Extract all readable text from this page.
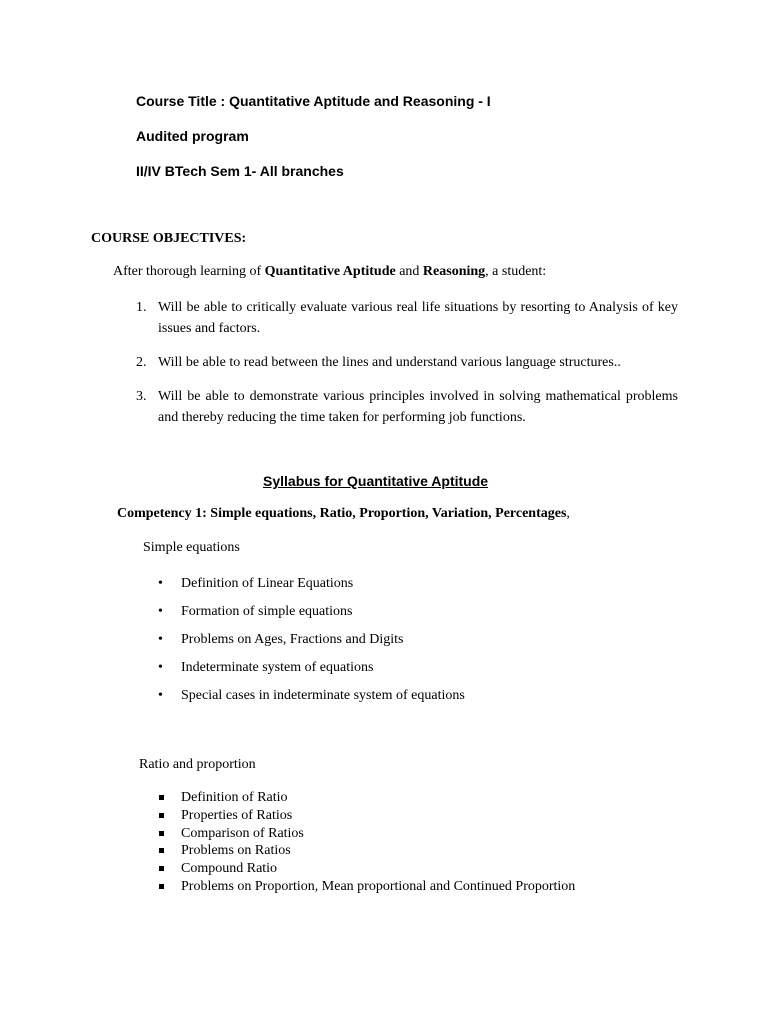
Course Title : Quantitative Aptitude and Reasoning - I

Audited program

II/IV BTech Sem 1- All branches

COURSE OBJECTIVES:

After thorough learning of Quantitative Aptitude and Reasoning, a student:

1. Will be able to critically evaluate various real life situations by resorting to Analysis of key issues and factors.
2. Will be able to read between the lines and understand various language structures..
3. Will be able to demonstrate various principles involved in solving mathematical problems and thereby reducing the time taken for performing job functions.

Syllabus for Quantitative Aptitude

Competency 1: Simple equations, Ratio, Proportion, Variation, Percentages,

Simple equations

• Definition of Linear Equations
• Formation of simple equations
• Problems on Ages, Fractions and Digits
• Indeterminate system of equations
• Special cases in indeterminate system of equations

Ratio and proportion

Definition of Ratio
Properties of Ratios
Comparison of Ratios
Problems on Ratios
Compound Ratio
Problems on Proportion, Mean proportional and Continued Proportion
